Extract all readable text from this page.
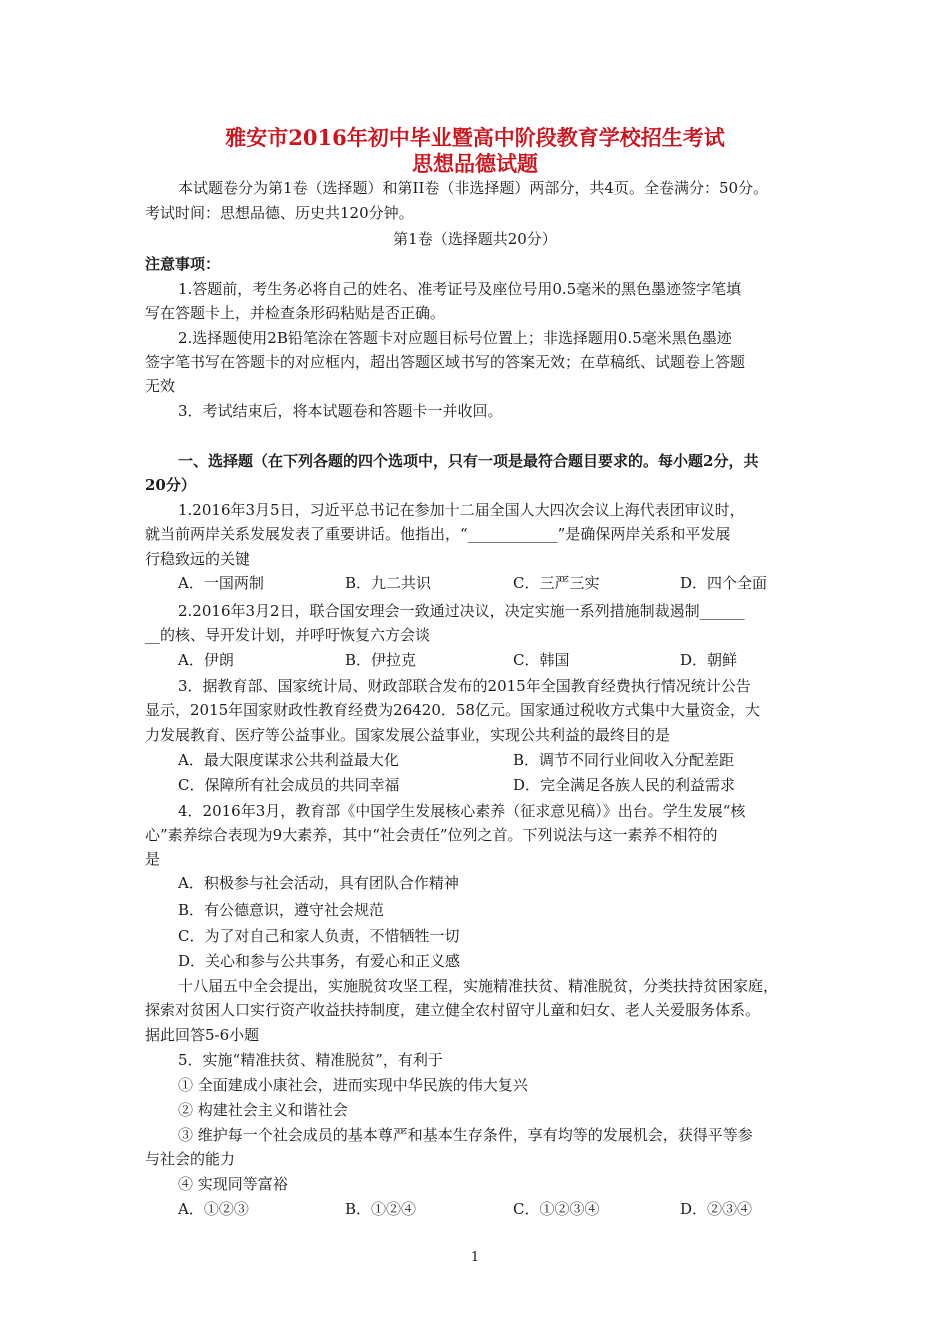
雅安市2016年初中毕业暨高中阶段教育学校招生考试
思想品德试题
本试题卷分为第1卷（选择题）和第II卷（非选择题）两部分，共4页。全卷满分：50分。
考试时间：思想品德、历史共120分钟。
第1卷（选择题共20分）
注意事项：
1.答题前，考生务必将自己的姓名、准考证号及座位号用0.5毫米的黑色墨迹签字笔填
写在答题卡上，并检查条形码粘贴是否正确。
2.选择题使用2B铅笔涂在答题卡对应题目标号位置上；非选择题用0.5毫米黑色墨迹
签字笔书写在答题卡的对应框内，超出答题区域书写的答案无效；在草稿纸、试题卷上答题
无效
3．考试结束后，将本试题卷和答题卡一并收回。
一、选择题（在下列各题的四个选项中，只有一项是最符合题目要求的。每小题2分，共
20分）
1.2016年3月5日，习近平总书记在参加十二届全国人大四次会议上海代表团审议时，
就当前两岸关系发展发表了重要讲话。他指出，“____________”是确保两岸关系和平发展
行稳致远的关键
A．一国两制	B．九二共识	C．三严三实	D．四个全面
2.2016年3月2日，联合国安理会一致通过决议，决定实施一系列措施制裁遏制______
__的核、导开发计划，并呼吁恢复六方会谈
A．伊朗	B．伊拉克	C．韩国	D．朝鲜
3．据教育部、国家统计局、财政部联合发布的2015年全国教育经费执行情况统计公告
显示，2015年国家财政性教育经费为26420．58亿元。国家通过税收方式集中大量资金，大
力发展教育、医疗等公益事业。国家发展公益事业，实现公共利益的最终目的是
A．最大限度谋求公共利益最大化	B．调节不同行业间收入分配差距
C．保障所有社会成员的共同幸福	D．完全满足各族人民的利益需求
4．2016年3月，教育部《中国学生发展核心素养（征求意见稿）》出台。学生发展“核
心”素养综合表现为9大素养，其中“社会责任”位列之首。下列说法与这一素养不相符的
是
A．积极参与社会活动，具有团队合作精神
B．有公德意识，遵守社会规范
C．为了对自己和家人负责，不惜牺牲一切
D．关心和参与公共事务，有爱心和正义感
十八届五中全会提出，实施脱贫攻坚工程，实施精准扶贫、精准脱贫，分类扶持贫困家庭，
探索对贫困人口实行资产收益扶持制度，建立健全农村留守儿童和妇女、老人关爱服务体系。
据此回答5-6小题
5．实施“精准扶贫、精准脱贫”，有利于
① 全面建成小康社会，进而实现中华民族的伟大复兴
② 构建社会主义和谐社会
③ 维护每一个社会成员的基本尊严和基本生存条件，享有均等的发展机会，获得平等参
与社会的能力
④ 实现同等富裕
A．①②③	B．①②④	C．①②③④	D．②③④
1
